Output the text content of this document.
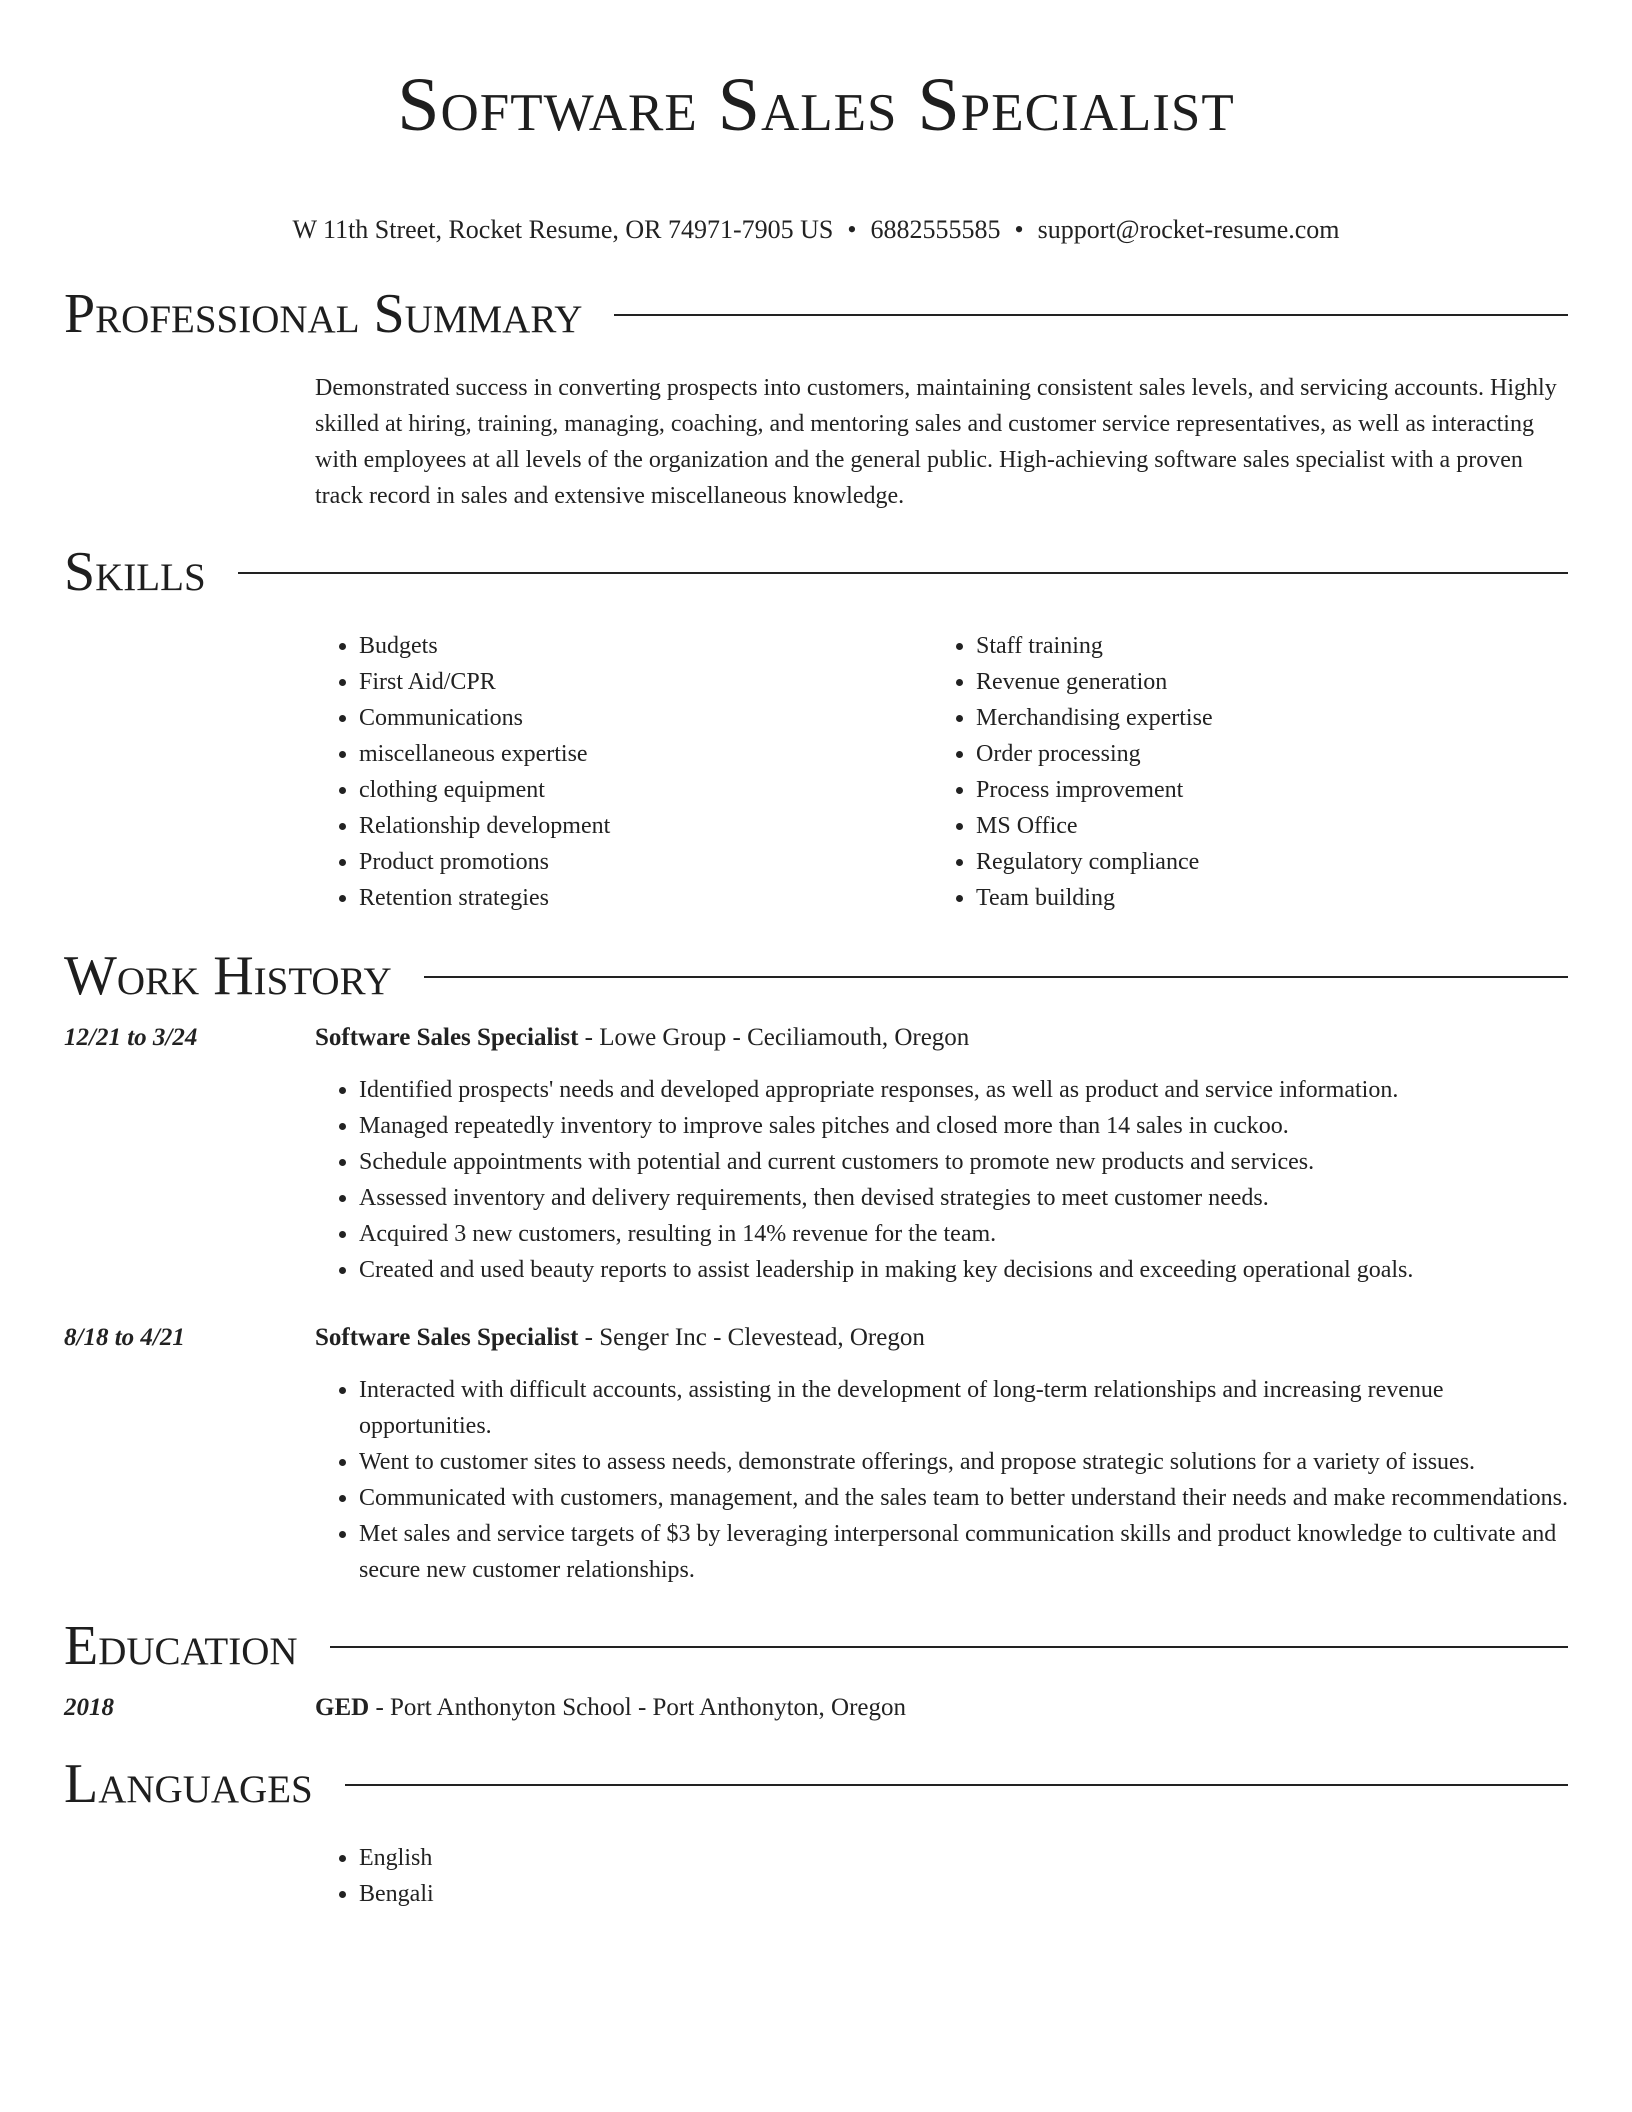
Software Sales Specialist
W 11th Street, Rocket Resume, OR 74971-7905 US • 6882555585 • support@rocket-resume.com
Professional Summary
Demonstrated success in converting prospects into customers, maintaining consistent sales levels, and servicing accounts. Highly skilled at hiring, training, managing, coaching, and mentoring sales and customer service representatives, as well as interacting with employees at all levels of the organization and the general public. High-achieving software sales specialist with a proven track record in sales and extensive miscellaneous knowledge.
Skills
• Budgets
• First Aid/CPR
• Communications
• miscellaneous expertise
• clothing equipment
• Relationship development
• Product promotions
• Retention strategies
• Staff training
• Revenue generation
• Merchandising expertise
• Order processing
• Process improvement
• MS Office
• Regulatory compliance
• Team building
Work History
12/21 to 3/24	Software Sales Specialist - Lowe Group - Ceciliamouth, Oregon
• Identified prospects' needs and developed appropriate responses, as well as product and service information.
• Managed repeatedly inventory to improve sales pitches and closed more than 14 sales in cuckoo.
• Schedule appointments with potential and current customers to promote new products and services.
• Assessed inventory and delivery requirements, then devised strategies to meet customer needs.
• Acquired 3 new customers, resulting in 14% revenue for the team.
• Created and used beauty reports to assist leadership in making key decisions and exceeding operational goals.
8/18 to 4/21	Software Sales Specialist - Senger Inc - Clevestead, Oregon
• Interacted with difficult accounts, assisting in the development of long-term relationships and increasing revenue opportunities.
• Went to customer sites to assess needs, demonstrate offerings, and propose strategic solutions for a variety of issues.
• Communicated with customers, management, and the sales team to better understand their needs and make recommendations.
• Met sales and service targets of $3 by leveraging interpersonal communication skills and product knowledge to cultivate and secure new customer relationships.
Education
2018	GED - Port Anthonyton School - Port Anthonyton, Oregon
Languages
• English
• Bengali
